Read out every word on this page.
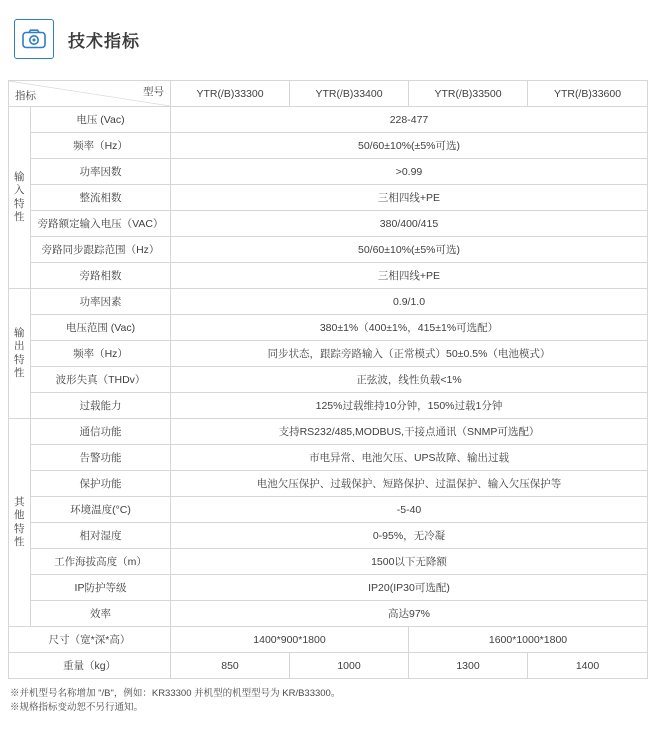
技术指标
型号
指标		YTR(/B)33300	YTR(/B)33400	YTR(/B)33500	YTR(/B)33600

输
入
特
性	电压 (Vac)	228-477			
	频率（Hz）	50/60±10%(±5%可选)			
	功率因数	>0.99			
	整流相数	三相四线+PE			
	旁路额定输入电压（VAC）	380/400/415			
	旁路同步跟踪范围（Hz）	50/60±10%(±5%可选)			
	旁路相数	三相四线+PE			

输
出
特
性	功率因素	0.9/1.0			
	电压范围 (Vac)	380±1%（400±1%，415±1%可选配）			
	频率（Hz）	同步状态，跟踪旁路输入（正常模式）50±0.5%（电池模式）			
	波形失真（THDv）	正弦波，线性负载<1%			
	过载能力	125%过载维持10分钟，150%过载1分钟			

其
他
特
性	通信功能	支持RS232/485,MODBUS,干接点通讯（SNMP可选配）			
	告警功能	市电异常、电池欠压、UPS故障、输出过载			
	保护功能	电池欠压保护、过载保护、短路保护、过温保护、输入欠压保护等			
	环境温度(°C)	-5-40			
	相对湿度	0-95%，无冷凝			
	工作海拔高度（m）	1500以下无降额			
	IP防护等级	IP20(IP30可选配)			
	效率	高达97%			
尺寸（宽*深*高）		1400*900*1800		1600*1000*1800	
重量（kg）		850	1000	1300	1400
※并机型号名称增加 "/B"，例如：KR33300 并机型的机型型号为 KR/B33300。
※规格指标变动恕不另行通知。
